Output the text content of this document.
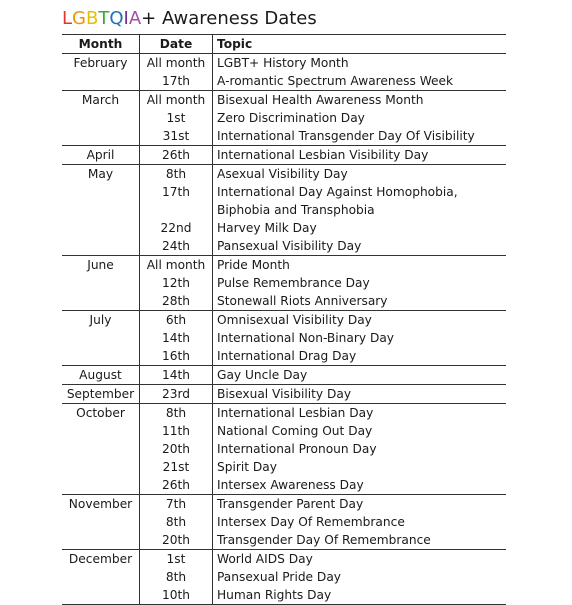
LGBTQIA+ Awareness Dates
Month	Date	Topic
February	All month	LGBT+ History Month
	17th	A-romantic Spectrum Awareness Week
March	All month	Bisexual Health Awareness Month
	1st	Zero Discrimination Day
	31st	International Transgender Day Of Visibility
April	26th	International Lesbian Visibility Day
May	8th	Asexual Visibility Day
	17th	International Day Against Homophobia, Biphobia and Transphobia
	22nd	Harvey Milk Day
	24th	Pansexual Visibility Day
June	All month	Pride Month
	12th	Pulse Remembrance Day
	28th	Stonewall Riots Anniversary
July	6th	Omnisexual Visibility Day
	14th	International Non-Binary Day
	16th	International Drag Day
August	14th	Gay Uncle Day
September	23rd	Bisexual Visibility Day
October	8th	International Lesbian Day
	11th	National Coming Out Day
	20th	International Pronoun Day
	21st	Spirit Day
	26th	Intersex Awareness Day
November	7th	Transgender Parent Day
	8th	Intersex Day Of Remembrance
	20th	Transgender Day Of Remembrance
December	1st	World AIDS Day
	8th	Pansexual Pride Day
	10th	Human Rights Day
